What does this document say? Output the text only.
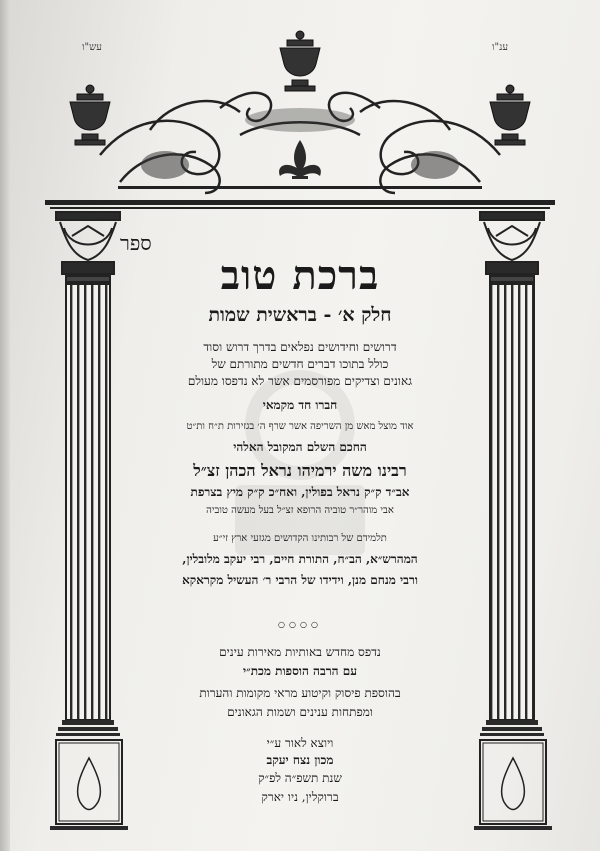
עש"ו	ענ"ו
ספר
ברכת טוב
חלק א׳ - בראשית שמות
דרושים וחידושים נפלאים בדרך דרוש וסוד
כולל בתוכו דברים חדשים מתורתם של
גאונים וצדיקים מפורסמים אשר לא נדפסו מעולם
חברו חד מקמאי
אוד מוצל מאש מן השריפה אשר שרף ה׳ בגזירות ת״ח ות״ט
החכם השלם המקובל האלהי
רבינו משה ירמיהו נראל הכהן זצ״ל
אב״ד ק״ק נראל בפולין, ואח״כ ק״ק מיץ בצרפת
אבי מוהר״ר טוביה הרופא זצ״ל בעל מעשה טוביה
תלמידם של רבותינו הקדושים מגזעי ארץ זי״ע
המהרש״א, הב״ח, התורת חיים, רבי יעקב מלובלין,
ורבי מנחם מנן, וידידו של הרבי ר׳ העשיל מקראקא
○○○○
נדפס מחדש באותיות מאירות עינים
עם הרבה הוספות מכת״י
בהוספת פיסוק וקיטוע מראי מקומות והערות
ומפתחות ענינים ושמות הגאונים
ויוצא לאור ע״י
מכון נצח יעקב
שנת תשפ״ה לפ״ק
ברוקלין, ניו יארק
